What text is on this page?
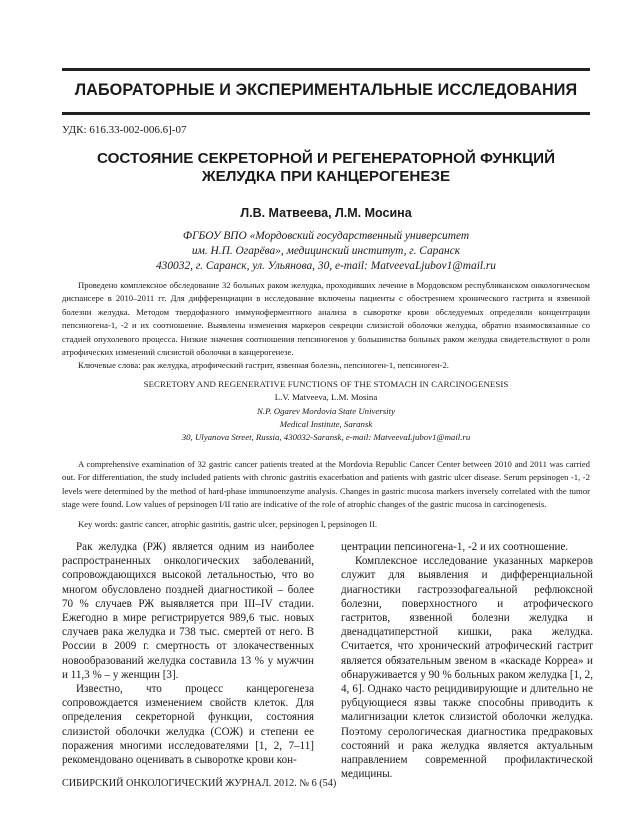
ЛАБОРАТОРНЫЕ И ЭКСПЕРИМЕНТАЛЬНЫЕ ИССЛЕДОВАНИЯ
УДК: 616.33-002-006.6]-07
СОСТОЯНИЕ СЕКРЕТОРНОЙ И РЕГЕНЕРАТОРНОЙ ФУНКЦИЙ
ЖЕЛУДКА ПРИ КАНЦЕРОГЕНЕЗЕ
Л.В. Матвеева, Л.М. Мосина
ФГБОУ ВПО «Мордовский государственный университет
им. Н.П. Огарёва», медицинский институт, г. Саранск
430032, г. Саранск, ул. Ульянова, 30, e-mail: MatveevaLjubov1@mail.ru

Проведено комплексное обследование 32 больных раком желудка, проходивших лечение в Мордовском республиканском онкологическом диспансере в 2010–2011 гг. Для дифференциации в исследование включены пациенты с обострением хронического гастрита и язвенной болезни желудка. Методом твердофазного иммуноферментного анализа в сыворотке крови обследуемых определяли концентрации пепсиногена-1, -2 и их соотношение. Выявлены изменения маркеров секреции слизистой оболочки желудка, обратно взаимосвязанные со стадией опухолевого процесса. Низкие значения соотношения пепсиногенов у большинства больных раком желудка свидетельствуют о роли атрофических изменений слизистой оболочки в канцерогенезе.

Ключевые слова: рак желудка, атрофический гастрит, язвенная болезнь, пепсиноген-1, пепсиноген-2.
SECRETORY AND REGENERATIVE FUNCTIONS OF THE STOMACH IN CARCINOGENESIS
L.V. Matveeva, L.M. Mosina
N.P. Ogarev Mordovia State University
Medical Institute, Saransk
30, Ulyanova Street, Russia, 430032-Saransk, e-mail: MatveevaLjubov1@mail.ru

A comprehensive examination of 32 gastric cancer patients treated at the Mordovia Republic Cancer Center between 2010 and 2011 was carried out. For differentiation, the study included patients with chronic gastritis exacerbation and patients with gastric ulcer disease. Serum pepsinogen -1, -2 levels were determined by the method of hard-phase immunoenzyme analysis. Changes in gastric mucosa markers inversely correlated with the tumor stage were found. Low values of pepsinogen I/II ratio are indicative of the role of atrophic changes of the gastric mucosa in carcinogenesis.

Key words: gastric cancer, atrophic gastritis, gastric ulcer, pepsinogen I, pepsinogen II.

Рак желудка (РЖ) является одним из наиболее распространенных онкологических заболеваний, сопровождающихся высокой летальностью, что во многом обусловлено поздней диагностикой – более 70 % случаев РЖ выявляется при III–IV стадии. Ежегодно в мире регистрируется 989,6 тыс. новых случаев рака желудка и 738 тыс. смертей от него. В России в 2009 г. смертность от злокачественных новообразований желудка составила 13 % у мужчин и 11,3 % – у женщин [3].

Известно, что процесс канцерогенеза сопровождается изменением свойств клеток. Для определения секреторной функции, состояния слизистой оболочки желудка (СОЖ) и степени ее поражения многими исследователями [1, 2, 7–11] рекомендовано оценивать в сыворотке крови кон-

центрации пепсиногена-1, -2 и их соотношение.

Комплексное исследование указанных маркеров служит для выявления и дифференциальной диагностики гастроэзофагеальной рефлюксной болезни, поверхностного и атрофического гастритов, язвенной болезни желудка и двенадцатиперстной кишки, рака желудка. Считается, что хронический атрофический гастрит является обязательным звеном в «каскаде Корреа» и обнаруживается у 90 % больных раком желудка [1, 2, 4, 6]. Однако часто рецидивирующие и длительно не рубцующиеся язвы также способны приводить к малигнизации клеток слизистой оболочки желудка. Поэтому серологическая диагностика предраковых состояний и рака желудка является актуальным направлением современной профилактической медицины.

СИБИРСКИЙ ОНКОЛОГИЧЕСКИЙ ЖУРНАЛ. 2012. № 6 (54)
